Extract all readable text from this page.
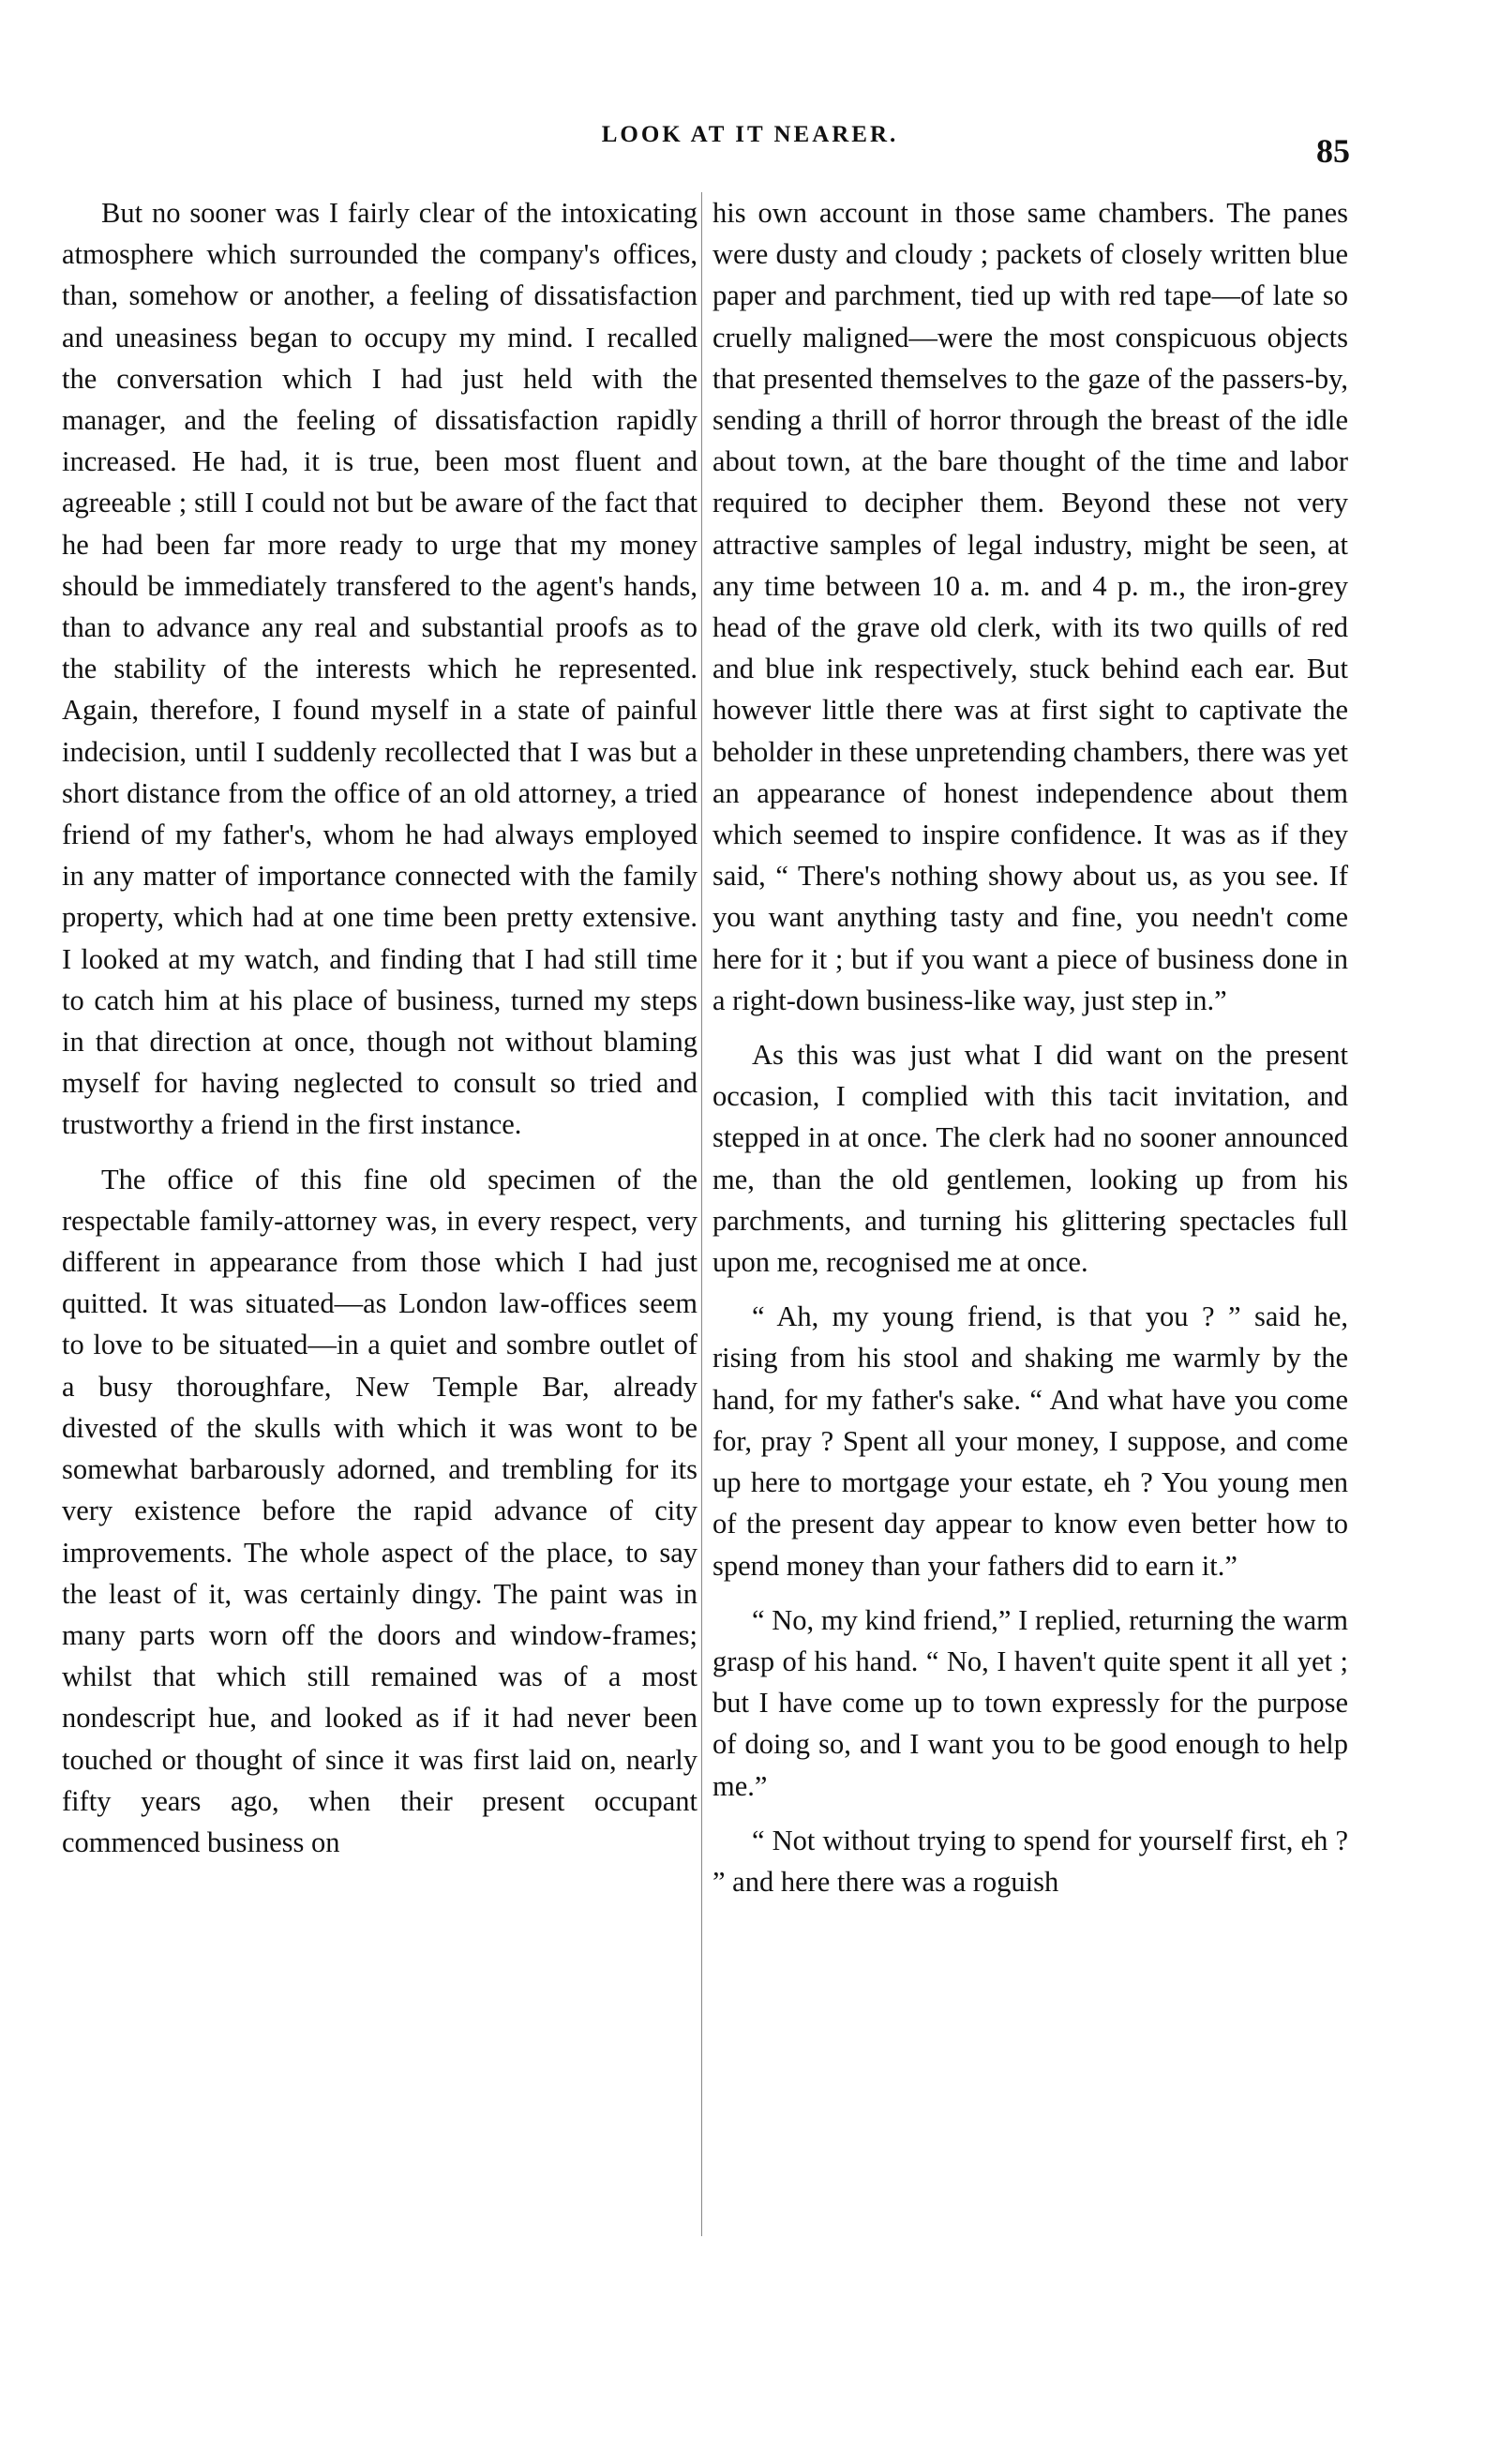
LOOK AT IT NEARER.	85

But no sooner was I fairly clear of the intoxicating atmosphere which surrounded the company's offices, than, somehow or another, a feeling of dissatisfaction and uneasiness began to occupy my mind. I recalled the conversation which I had just held with the manager, and the feeling of dissatisfaction rapidly increased. He had, it is true, been most fluent and agreeable ; still I could not but be aware of the fact that he had been far more ready to urge that my money should be immediately transfered to the agent's hands, than to advance any real and substantial proofs as to the stability of the interests which he represented. Again, therefore, I found myself in a state of painful indecision, until I suddenly recollected that I was but a short distance from the office of an old attorney, a tried friend of my father's, whom he had always employed in any matter of importance connected with the family property, which had at one time been pretty extensive. I looked at my watch, and finding that I had still time to catch him at his place of business, turned my steps in that direction at once, though not without blaming myself for having neglected to consult so tried and trustworthy a friend in the first instance.

The office of this fine old specimen of the respectable family-attorney was, in every respect, very different in appearance from those which I had just quitted. It was situated—as London law-offices seem to love to be situated—in a quiet and sombre outlet of a busy thoroughfare, New Temple Bar, already divested of the skulls with which it was wont to be somewhat barbarously adorned, and trembling for its very existence before the rapid advance of city improvements. The whole aspect of the place, to say the least of it, was certainly dingy. The paint was in many parts worn off the doors and window-frames; whilst that which still remained was of a most nondescript hue, and looked as if it had never been touched or thought of since it was first laid on, nearly fifty years ago, when their present occupant commenced business on

his own account in those same chambers. The panes were dusty and cloudy ; packets of closely written blue paper and parchment, tied up with red tape—of late so cruelly maligned—were the most conspicuous objects that presented themselves to the gaze of the passers-by, sending a thrill of horror through the breast of the idle about town, at the bare thought of the time and labor required to decipher them. Beyond these not very attractive samples of legal industry, might be seen, at any time between 10 a. m. and 4 p. m., the iron-grey head of the grave old clerk, with its two quills of red and blue ink respectively, stuck behind each ear. But however little there was at first sight to captivate the beholder in these unpretending chambers, there was yet an appearance of honest independence about them which seemed to inspire confidence. It was as if they said, “ There's nothing showy about us, as you see. If you want anything tasty and fine, you needn't come here for it ; but if you want a piece of business done in a right-down business-like way, just step in.”

As this was just what I did want on the present occasion, I complied with this tacit invitation, and stepped in at once. The clerk had no sooner announced me, than the old gentlemen, looking up from his parchments, and turning his glittering spectacles full upon me, recognised me at once.

“ Ah, my young friend, is that you ? ” said he, rising from his stool and shaking me warmly by the hand, for my father's sake. “ And what have you come for, pray ? Spent all your money, I suppose, and come up here to mortgage your estate, eh ? You young men of the present day appear to know even better how to spend money than your fathers did to earn it.”

“ No, my kind friend,” I replied, returning the warm grasp of his hand. “ No, I haven't quite spent it all yet ; but I have come up to town expressly for the purpose of doing so, and I want you to be good enough to help me.”

“ Not without trying to spend for yourself first, eh ? ” and here there was a roguish
